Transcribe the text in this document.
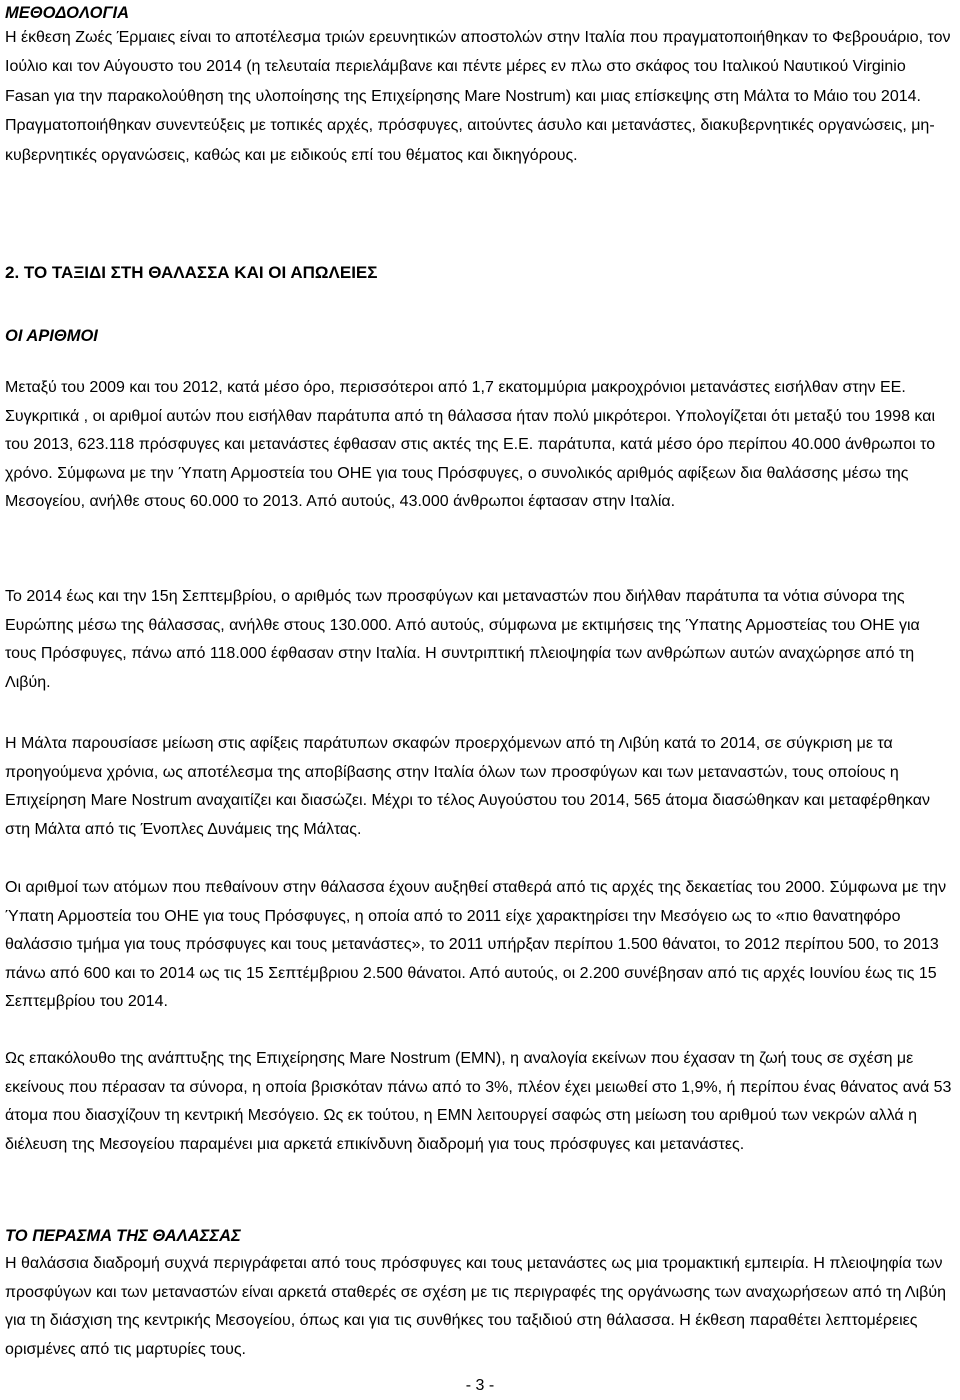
ΜΕΘΟΔΟΛΟΓΙΑ

Η έκθεση Ζωές Έρμαιες είναι το αποτέλεσμα τριών ερευνητικών αποστολών στην Ιταλία που πραγματοποιήθηκαν το Φεβρουάριο, τον Ιούλιο και τον Αύγουστο του 2014 (η τελευταία περιελάμβανε και πέντε μέρες εν πλω στο σκάφος του Ιταλικού Ναυτικού Virginio Fasan για την παρακολούθηση της υλοποίησης της Επιχείρησης Mare Nostrum) και μιας επίσκεψης στη Μάλτα το Μάιο του 2014. Πραγματοποιήθηκαν συνεντεύξεις με τοπικές αρχές, πρόσφυγες, αιτούντες άσυλο και μετανάστες, διακυβερνητικές οργανώσεις, μη-κυβερνητικές οργανώσεις, καθώς και με ειδικούς επί του θέματος και δικηγόρους.

2. ΤΟ ΤΑΞΙΔΙ ΣΤΗ ΘΑΛΑΣΣΑ ΚΑΙ ΟΙ ΑΠΩΛΕΙΕΣ
ΟΙ ΑΡΙΘΜΟΙ

Μεταξύ του 2009 και του 2012, κατά μέσο όρο, περισσότεροι από 1,7 εκατομμύρια μακροχρόνιοι μετανάστες εισήλθαν στην ΕΕ. Συγκριτικά , οι αριθμοί αυτών που εισήλθαν παράτυπα από τη θάλασσα ήταν πολύ μικρότεροι. Υπολογίζεται ότι μεταξύ του 1998 και του 2013, 623.118 πρόσφυγες και μετανάστες έφθασαν στις ακτές της Ε.Ε. παράτυπα, κατά μέσο όρο περίπου 40.000 άνθρωποι το χρόνο. Σύμφωνα με την Ύπατη Αρμοστεία του ΟΗΕ για τους Πρόσφυγες, ο συνολικός αριθμός αφίξεων δια θαλάσσης μέσω της Μεσογείου, ανήλθε στους 60.000 το 2013. Από αυτούς, 43.000 άνθρωποι έφτασαν στην Ιταλία.

Το 2014 έως και την 15η Σεπτεμβρίου, ο αριθμός των προσφύγων και μεταναστών που διήλθαν παράτυπα τα νότια σύνορα της Ευρώπης μέσω της θάλασσας, ανήλθε στους 130.000. Από αυτούς, σύμφωνα με εκτιμήσεις της Ύπατης Αρμοστείας του ΟΗΕ για τους Πρόσφυγες, πάνω από 118.000 έφθασαν στην Ιταλία. Η συντριπτική πλειοψηφία των ανθρώπων αυτών αναχώρησε από τη Λιβύη.

Η Μάλτα παρουσίασε μείωση στις αφίξεις παράτυπων σκαφών προερχόμενων από τη Λιβύη κατά το 2014, σε σύγκριση με τα προηγούμενα χρόνια, ως αποτέλεσμα της αποβίβασης στην Ιταλία όλων των προσφύγων και των μεταναστών, τους οποίους η Επιχείρηση Mare Nostrum αναχαιτίζει και διασώζει. Μέχρι το τέλος Αυγούστου του 2014, 565 άτομα διασώθηκαν και μεταφέρθηκαν στη Μάλτα από τις Ένοπλες Δυνάμεις της Μάλτας.

Οι αριθμοί των ατόμων που πεθαίνουν στην θάλασσα έχουν αυξηθεί σταθερά από τις αρχές της δεκαετίας του 2000. Σύμφωνα με την Ύπατη Αρμοστεία του ΟΗΕ για τους Πρόσφυγες, η οποία από το 2011 είχε χαρακτηρίσει την Μεσόγειο ως το «πιο θανατηφόρο θαλάσσιο τμήμα για τους πρόσφυγες και τους μετανάστες», το 2011 υπήρξαν περίπου 1.500 θάνατοι, το 2012 περίπου 500, το 2013 πάνω από 600 και το 2014 ως τις 15 Σεπτέμβριου 2.500 θάνατοι. Από αυτούς, οι 2.200 συνέβησαν από τις αρχές Ιουνίου έως τις 15 Σεπτεμβρίου του 2014.

Ως επακόλουθο της ανάπτυξης της Επιχείρησης Mare Nostrum (EMN), η αναλογία εκείνων που έχασαν τη ζωή τους σε σχέση με εκείνους που πέρασαν τα σύνορα, η οποία βρισκόταν πάνω από το 3%, πλέον έχει μειωθεί στο 1,9%, ή περίπου ένας θάνατος ανά 53 άτομα που διασχίζουν τη κεντρική Μεσόγειο. Ως εκ τούτου, η EMN λειτουργεί σαφώς στη μείωση του αριθμού των νεκρών αλλά η διέλευση της Μεσογείου παραμένει μια αρκετά επικίνδυνη διαδρομή για τους πρόσφυγες και μετανάστες.

ΤΟ ΠΕΡΑΣΜΑ ΤΗΣ ΘΑΛΑΣΣΑΣ

Η θαλάσσια διαδρομή συχνά περιγράφεται από τους πρόσφυγες και τους μετανάστες ως μια τρομακτική εμπειρία. Η πλειοψηφία των προσφύγων και των μεταναστών είναι αρκετά σταθερές σε σχέση με τις περιγραφές της οργάνωσης των αναχωρήσεων από τη Λιβύη για τη διάσχιση της κεντρικής Μεσογείου, όπως και για τις συνθήκες του ταξιδιού στη θάλασσα. Η έκθεση παραθέτει λεπτομέρειες ορισμένες από τις μαρτυρίες τους.

- 3 -
